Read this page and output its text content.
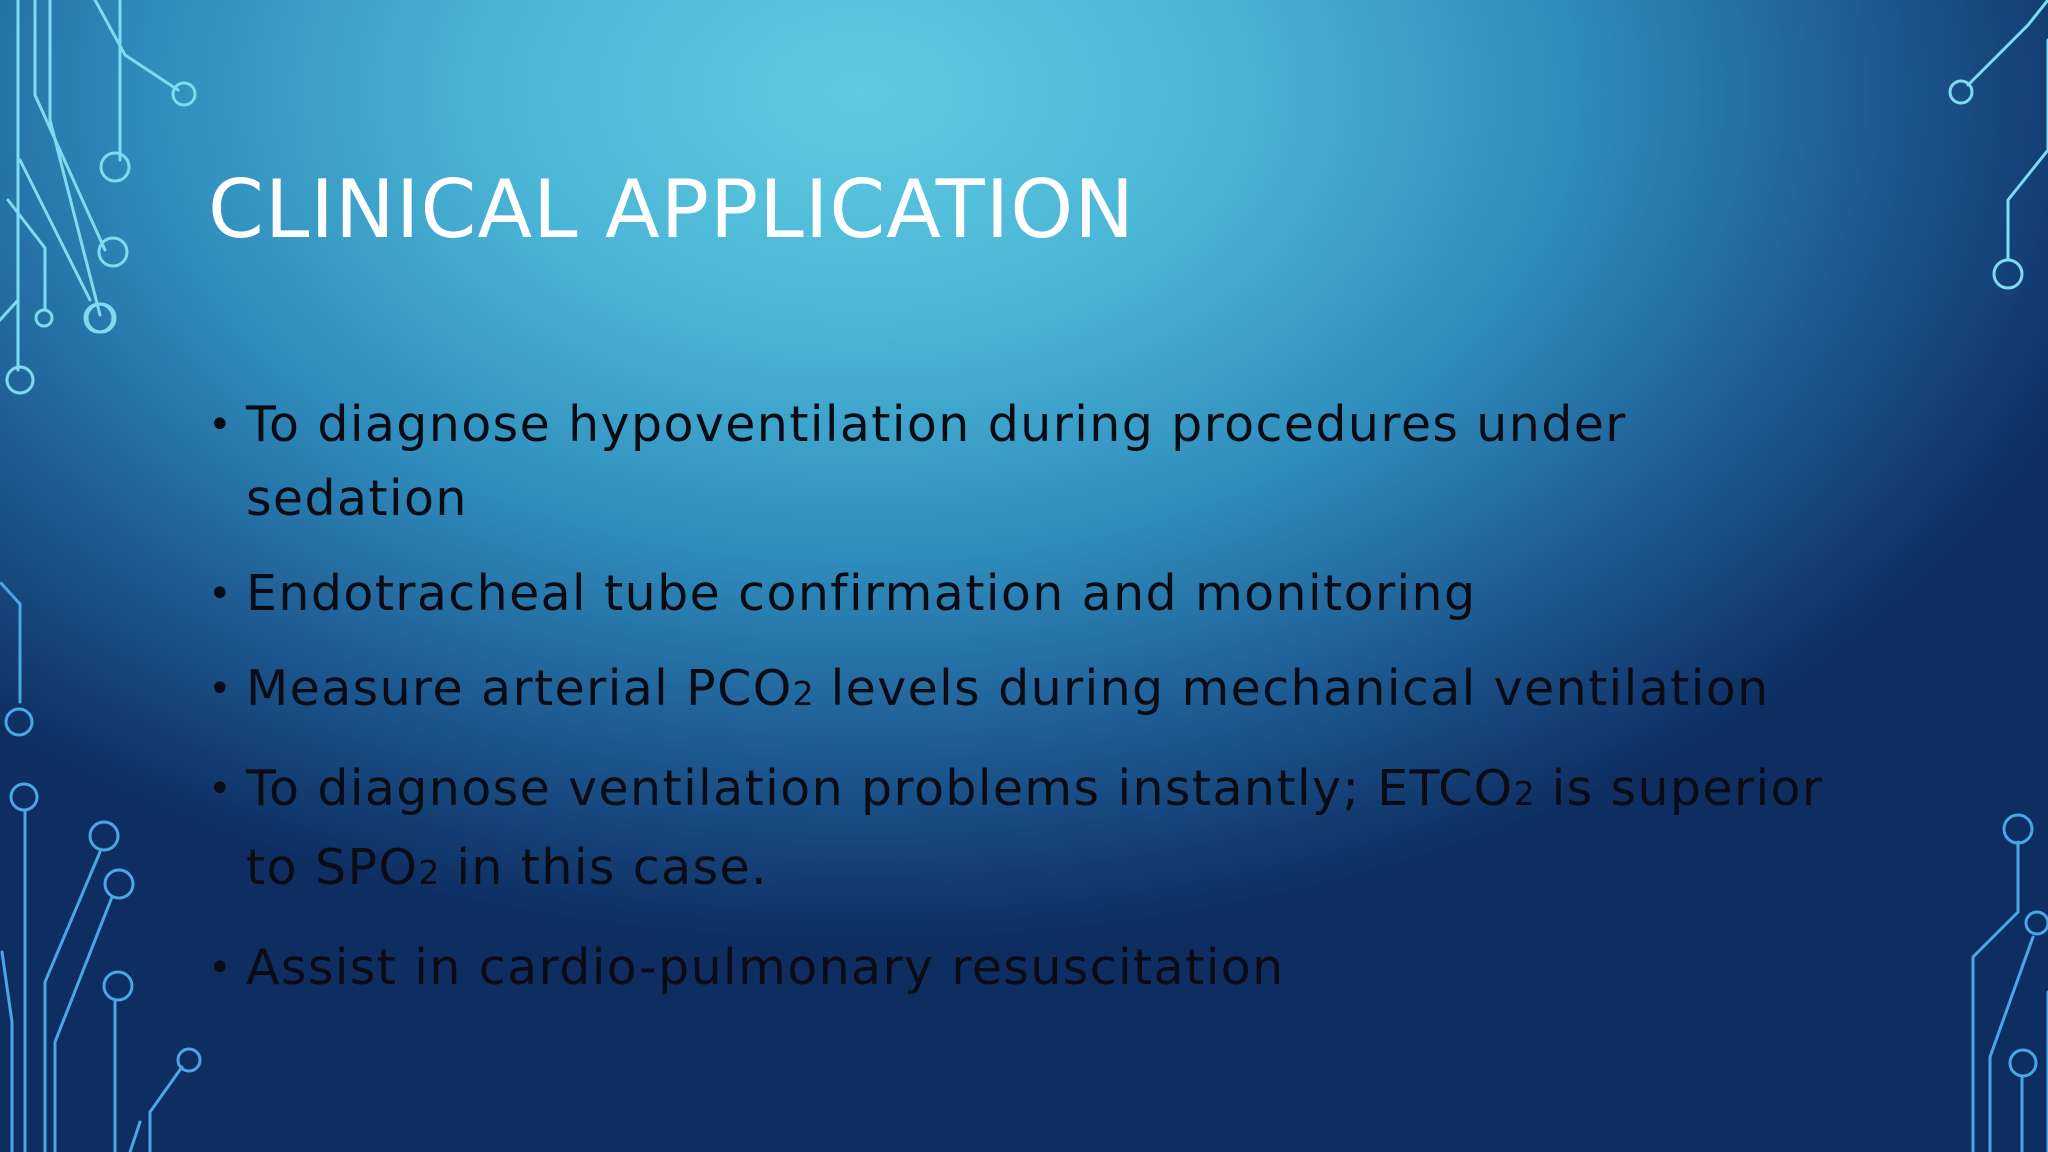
CLINICAL APPLICATION
• To diagnose hypoventilation during procedures under sedation
• Endotracheal tube confirmation and monitoring
• Measure arterial PCO2 levels during mechanical ventilation
• To diagnose ventilation problems instantly; ETCO2 is superior to SPO2 in this case.
• Assist in cardio-pulmonary resuscitation
